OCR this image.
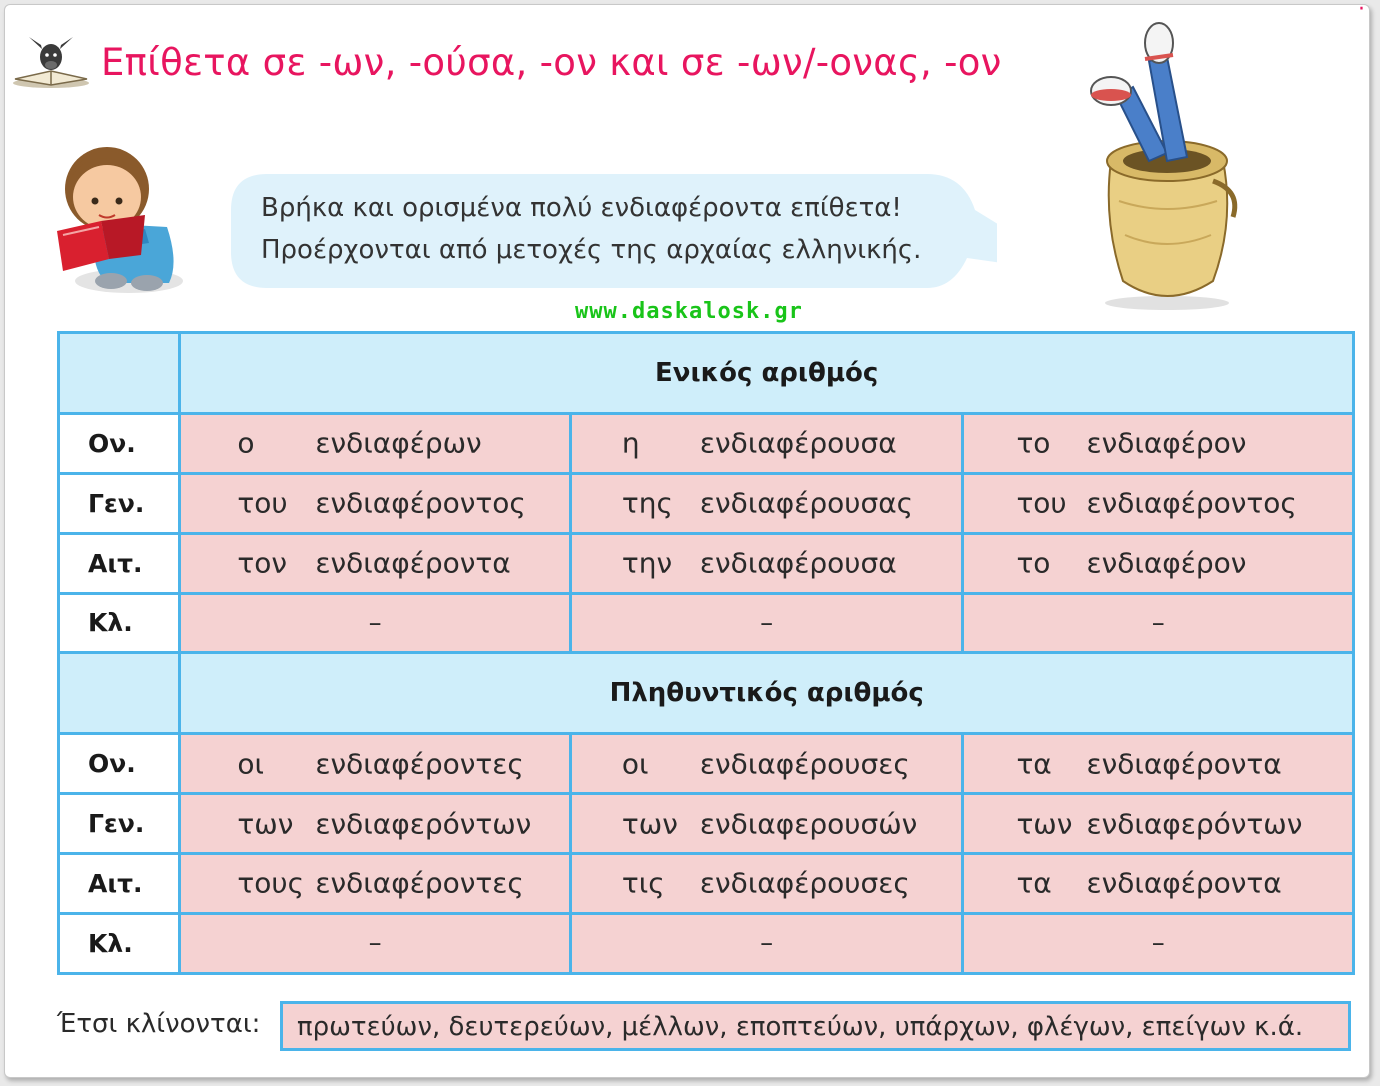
Επίθετα σε -ων, -ούσα, -ον και σε -ων/-ονας, -ον
·
Βρήκα και ορισμένα πολύ ενδιαφέροντα επίθετα!
Προέρχονται από μετοχές της αρχαίας ελληνικής.
www.daskalosk.gr
	Ενικός αριθμός		
Ον.	ο ενδιαφέρων	η ενδιαφέρουσα	το ενδιαφέρον

Γεν.	του ενδιαφέροντος	της ενδιαφέρουσας	του ενδιαφέροντος

Αιτ.	τον ενδιαφέροντα	την ενδιαφέρουσα	το ενδιαφέρον

Κλ.	–	–	–
	Πληθυντικός αριθμός		
Ον.	οι ενδιαφέροντες	οι ενδιαφέρουσες	τα ενδιαφέροντα

Γεν.	των ενδιαφερόντων	των ενδιαφερουσών	των ενδιαφερόντων

Αιτ.	τους ενδιαφέροντες	τις ενδιαφέρουσες	τα ενδιαφέροντα

Κλ.	–	–	–
Έτσι κλίνονται:	πρωτεύων, δευτερεύων, μέλλων, εποπτεύων, υπάρχων, φλέγων, επείγων κ.ά.
